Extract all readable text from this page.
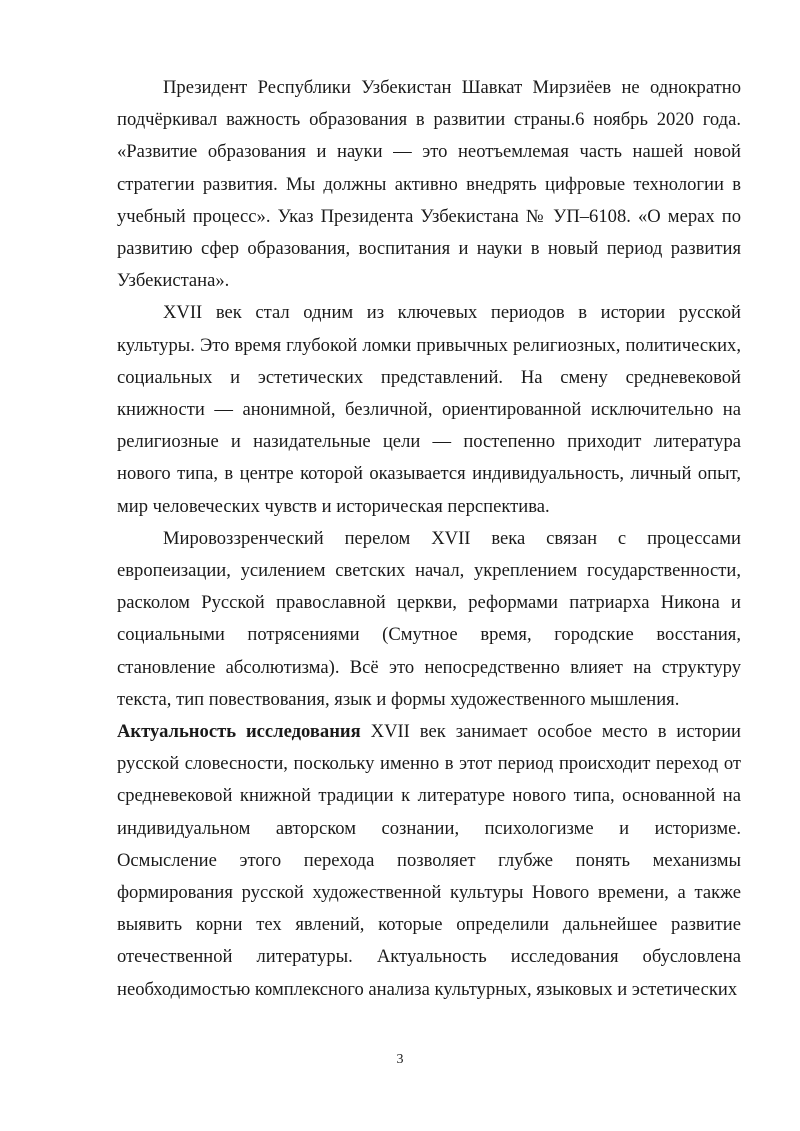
Президент Республики Узбекистан Шавкат Мирзиёев не однократно подчёркивал важность образования в развитии страны.6 ноябрь 2020 года. «Развитие образования и науки — это неотъемлемая часть нашей новой стратегии развития. Мы должны активно внедрять цифровые технологии в учебный процесс». Указ Президента Узбекистана № УП–6108. «О мерах по развитию сфер образования, воспитания и науки в новый период развития Узбекистана».

XVII век стал одним из ключевых периодов в истории русской культуры. Это время глубокой ломки привычных религиозных, политических, социальных и эстетических представлений. На смену средневековой книжности — анонимной, безличной, ориентированной исключительно на религиозные и назидательные цели — постепенно приходит литература нового типа, в центре которой оказывается индивидуальность, личный опыт, мир человеческих чувств и историческая перспектива.

Мировоззренческий перелом XVII века связан с процессами европеизации, усилением светских начал, укреплением государственности, расколом Русской православной церкви, реформами патриарха Никона и социальными потрясениями (Смутное время, городские восстания, становление абсолютизма). Всё это непосредственно влияет на структуру текста, тип повествования, язык и формы художественного мышления.

Актуальность исследования XVII век занимает особое место в истории русской словесности, поскольку именно в этот период происходит переход от средневековой книжной традиции к литературе нового типа, основанной на индивидуальном авторском сознании, психологизме и историзме. Осмысление этого перехода позволяет глубже понять механизмы формирования русской художественной культуры Нового времени, а также выявить корни тех явлений, которые определили дальнейшее развитие отечественной литературы. Актуальность исследования обусловлена необходимостью комплексного анализа культурных, языковых и эстетических

3
